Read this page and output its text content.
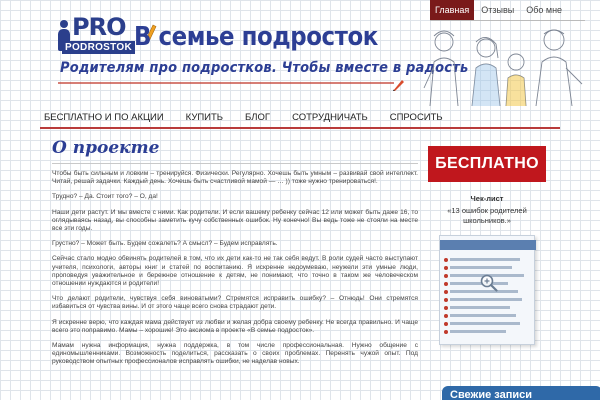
PRO
PODROSTOK В семье подросток
Родителям про подростков. Чтобы вместе в радость
Главная	Отзывы	Обо мне
БЕСПЛАТНО И ПО АКЦИИ КУПИТЬ БЛОГ СОТРУДНИЧАТЬ СПРОСИТЬ
О проекте

Чтобы быть сильным и ловким – тренируйся. Физически. Регулярно. Хочешь быть умным – развивай свой интеллект. Читай, решай задачки. Каждый день. Хочешь быть счастливой мамой — … )) тоже нужно тренироваться!.

Трудно? – Да. Стоит того? – О, да!

Наши дети растут. И мы вместе с ними. Как родители. И если вашему ребенку сейчас 12 или может быть даже 16, то оглядываясь назад, вы способны заметить кучу собственных ошибок. Ну конечно! Вы ведь тоже не стояли на месте все эти годы.

Грустно? – Может быть. Будем сожалеть? А смысл? – Будем исправлять.

Сейчас стало модно обвинять родителей в том, что их дети как-то не так себя ведут. В роли судей часто выступают учителя, психологи, авторы книг и статей по воспитанию. Я искренне недоумеваю, неужели эти умные люди, проповедуя уважительное и бережное отношение к детям, не понимают, что точно в таком же человеческом отношении нуждаются и родители!

Что делают родители, чувствуя себя виноватыми? Стремятся исправить ошибку? – Отнюдь! Они стремятся избавиться от чувства вины. И от этого чаще всего снова страдают дети.

Я искренне верю, что каждая мама действует из любви и желая добра своему ребенку. Не всегда правильно. И чаще всего это поправимо. Мамы – хорошие! Это аксиома в проекте «В семье подросток».

Мамам нужна информация, нужна поддержка, в том числе профессиональная. Нужно общение с единомышленниками. Возможность поделиться, рассказать о своих проблемах. Перенять чужой опыт. Под руководством опытных профессионалов исправлять ошибки, не наделав новых.

БЕСПЛАТНО
Чек-лист
«13 ошибок родителей школьников.»
Свежие записи
